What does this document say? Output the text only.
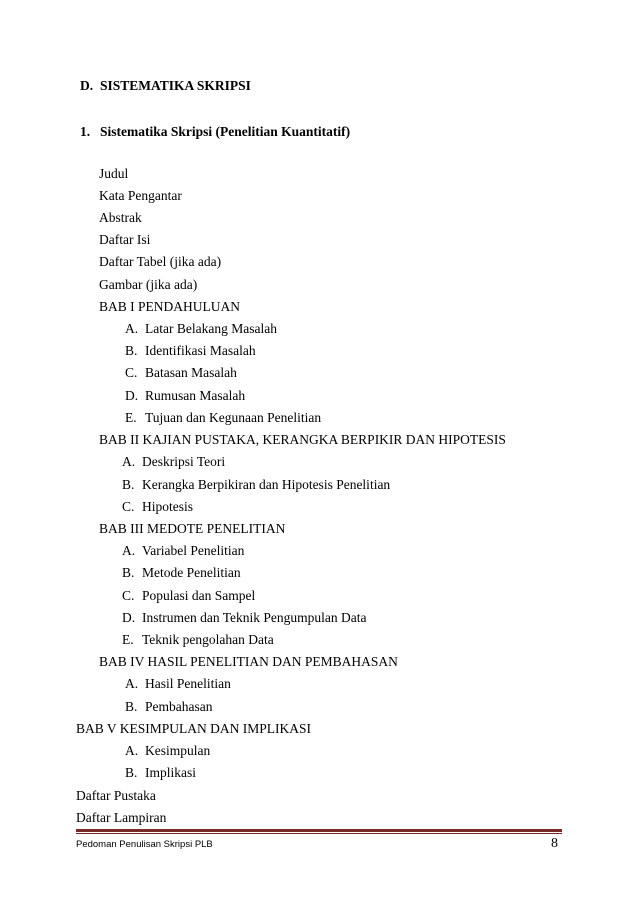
D. SISTEMATIKA SKRIPSI
1. Sistematika Skripsi (Penelitian Kuantitatif)
Judul
Kata Pengantar
Abstrak
Daftar Isi
Daftar Tabel (jika ada)
Gambar (jika ada)
BAB I PENDAHULUAN
A. Latar Belakang Masalah
B. Identifikasi Masalah
C. Batasan Masalah
D. Rumusan Masalah
E. Tujuan dan Kegunaan Penelitian
BAB II KAJIAN PUSTAKA, KERANGKA BERPIKIR DAN HIPOTESIS
A. Deskripsi Teori
B. Kerangka Berpikiran dan Hipotesis Penelitian
C. Hipotesis
BAB III MEDOTE PENELITIAN
A. Variabel Penelitian
B. Metode Penelitian
C. Populasi dan Sampel
D. Instrumen dan Teknik Pengumpulan Data
E. Teknik pengolahan Data
BAB IV HASIL PENELITIAN DAN PEMBAHASAN
A. Hasil Penelitian
B. Pembahasan
BAB V KESIMPULAN DAN IMPLIKASI
A. Kesimpulan
B. Implikasi
Daftar Pustaka
Daftar Lampiran
Pedoman Penulisan Skripsi PLB	8
